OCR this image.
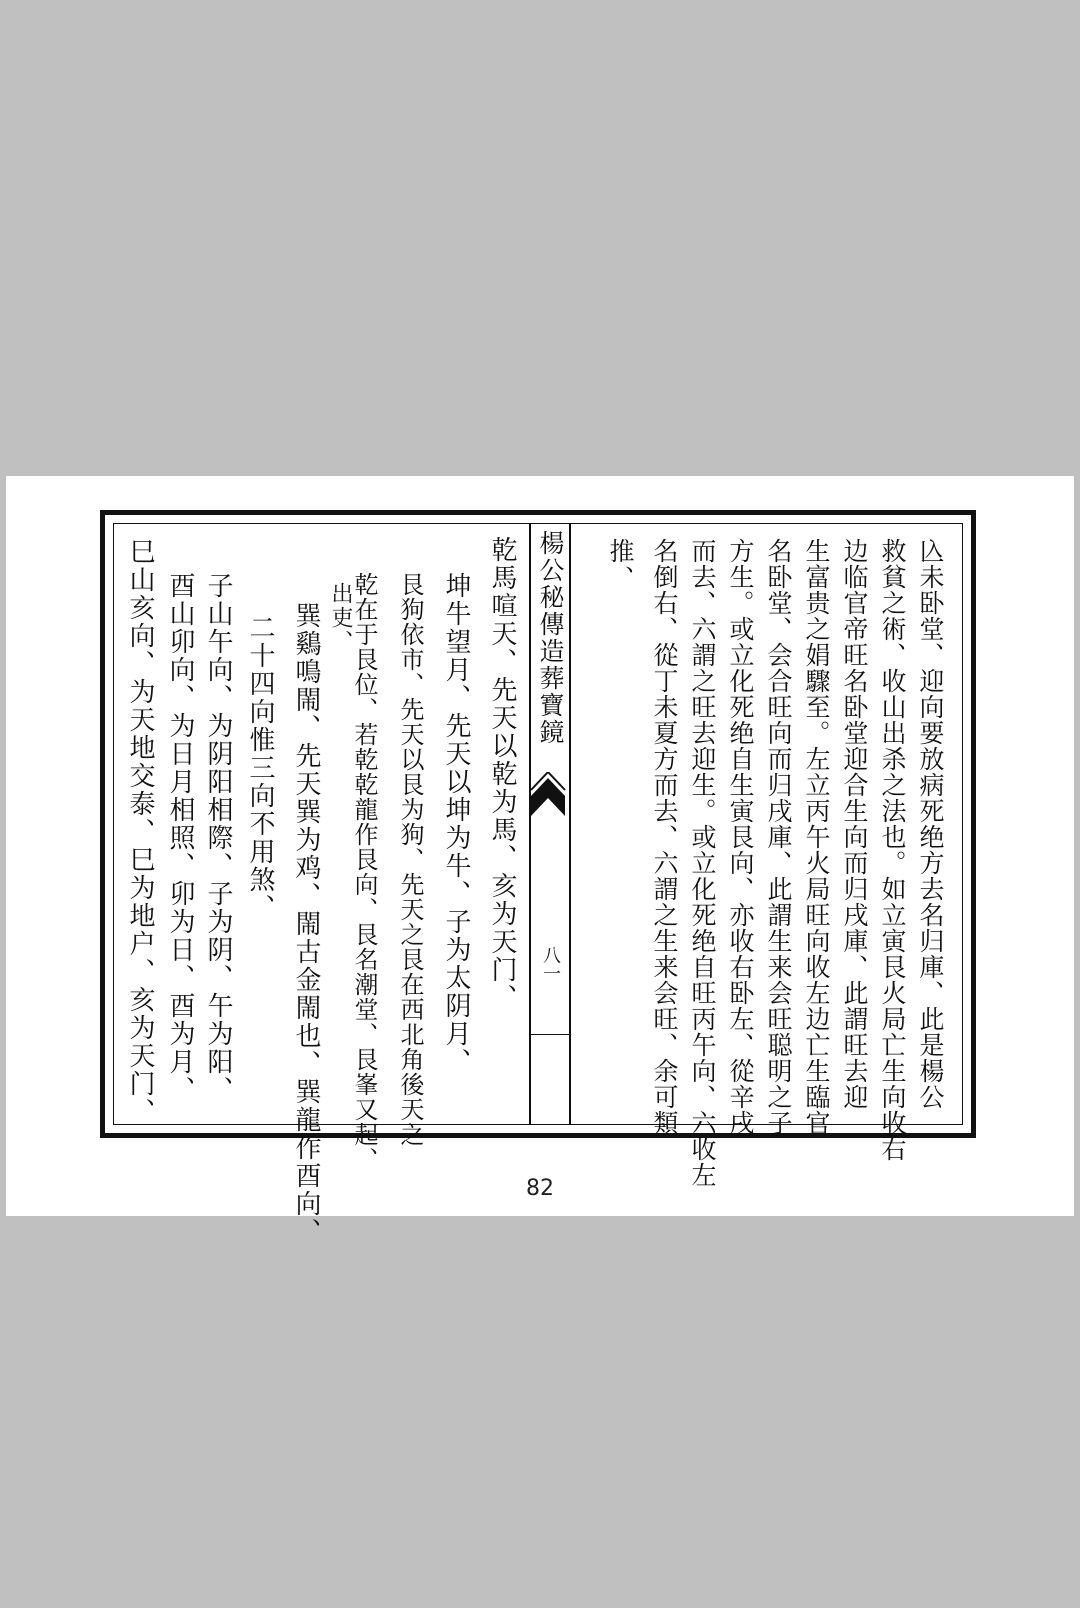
乾馬喧天、先天以乾为馬、亥为天门、
坤牛望月、先天以坤为牛、子为太阴月、
艮狗依市、先天以艮为狗、先天之艮在西北角後天之
乾在于艮位、若乾乾龍作艮向、艮名潮堂、艮峯又起、
出吏、
巽鷄鳴閙、先天巽为鸡、閙古金閙也、巽龍作酉向、
二十四向惟三向不用煞、
子山午向、为阴阳相際、子为阴、午为阳、
酉山卯向、为日月相照、卯为日、酉为月、
巳山亥向、为天地交泰、巳为地户、亥为天门、	楊公秘傳造葬寶鏡
八一	兦未卧堂、迎向要放病死绝方去名归庫、此是楊公
救貧之術、收山出杀之法也。如立寅艮火局亡生向收右
边临官帝旺名卧堂迎合生向而归戌庫、此謂旺去迎
生富贵之娟驟至。左立丙午火局旺向收左边亡生臨官
名卧堂、会合旺向而归戌庫、此謂生来会旺聪明之子
方生。或立化死绝自生寅艮向、亦收右卧左、從辛戌
而去、六謂之旺去迎生。或立化死绝自旺丙午向、六收左
名倒右、從丁未夏方而去、六謂之生来会旺、余可類
推、
82
